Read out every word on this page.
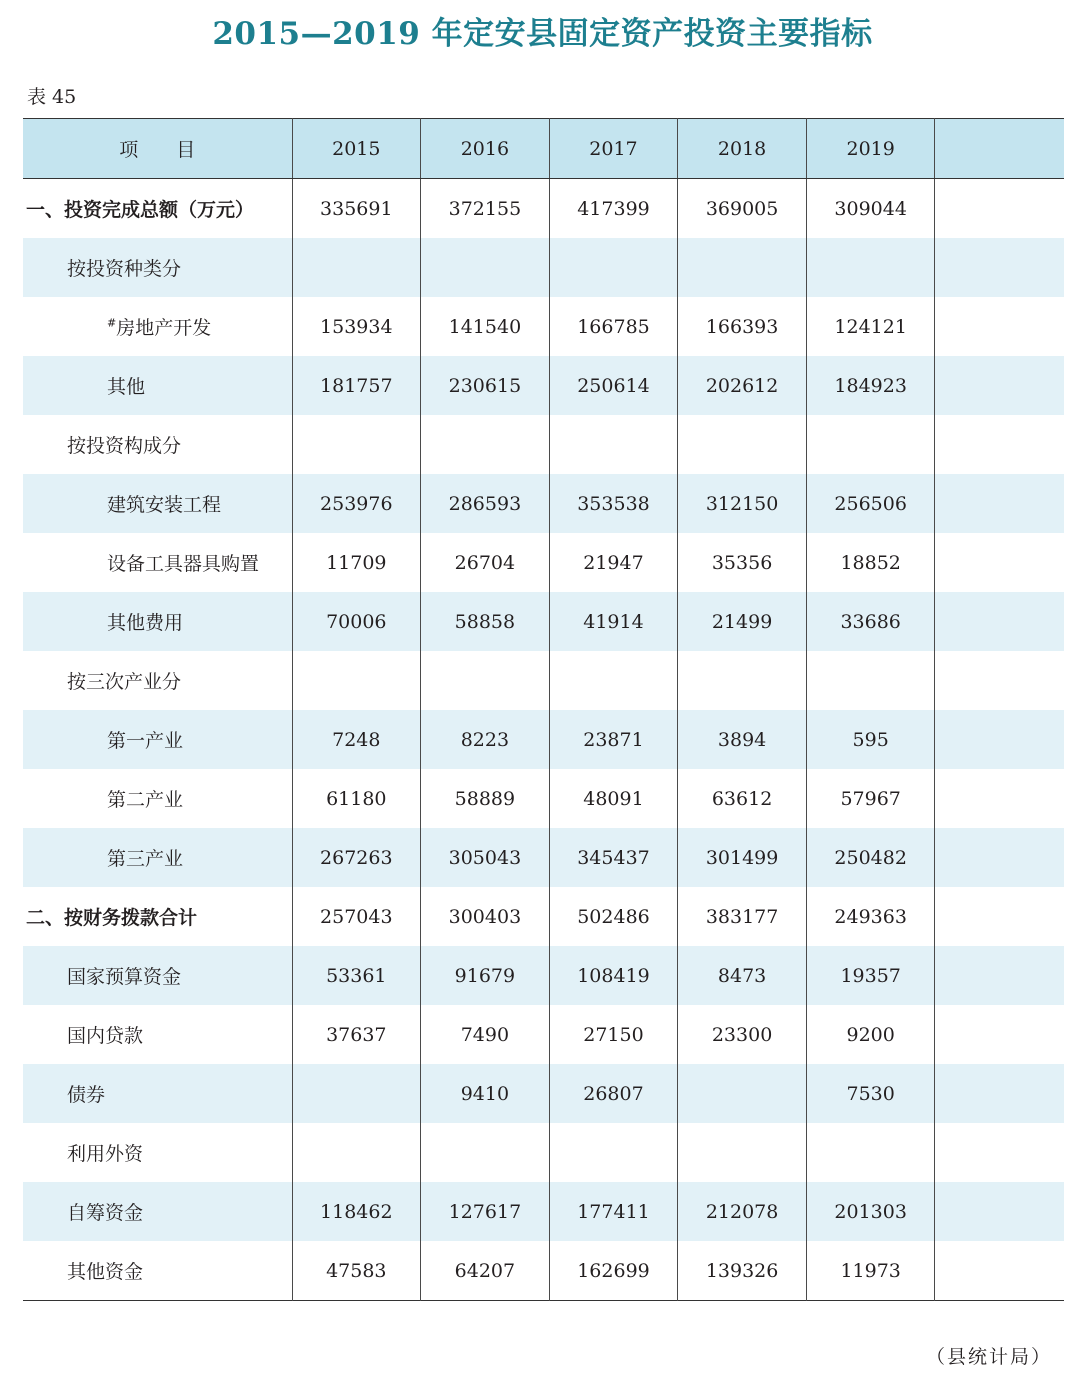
2015—2019 年定安县固定资产投资主要指标
表 45
项 目	2015	2016	2017	2018	2019	
一、投资完成总额（万元）	335691	372155	417399	369005	309044	
按投资种类分						
#房地产开发	153934	141540	166785	166393	124121	
其他	181757	230615	250614	202612	184923	
按投资构成分						
建筑安装工程	253976	286593	353538	312150	256506	
设备工具器具购置	11709	26704	21947	35356	18852	
其他费用	70006	58858	41914	21499	33686	
按三次产业分						
第一产业	7248	8223	23871	3894	595	
第二产业	61180	58889	48091	63612	57967	
第三产业	267263	305043	345437	301499	250482	
二、按财务拨款合计	257043	300403	502486	383177	249363	
国家预算资金	53361	91679	108419	8473	19357	
国内贷款	37637	7490	27150	23300	9200	
债券		9410	26807		7530	
利用外资						
自筹资金	118462	127617	177411	212078	201303	
其他资金	47583	64207	162699	139326	11973	
（县统计局）
